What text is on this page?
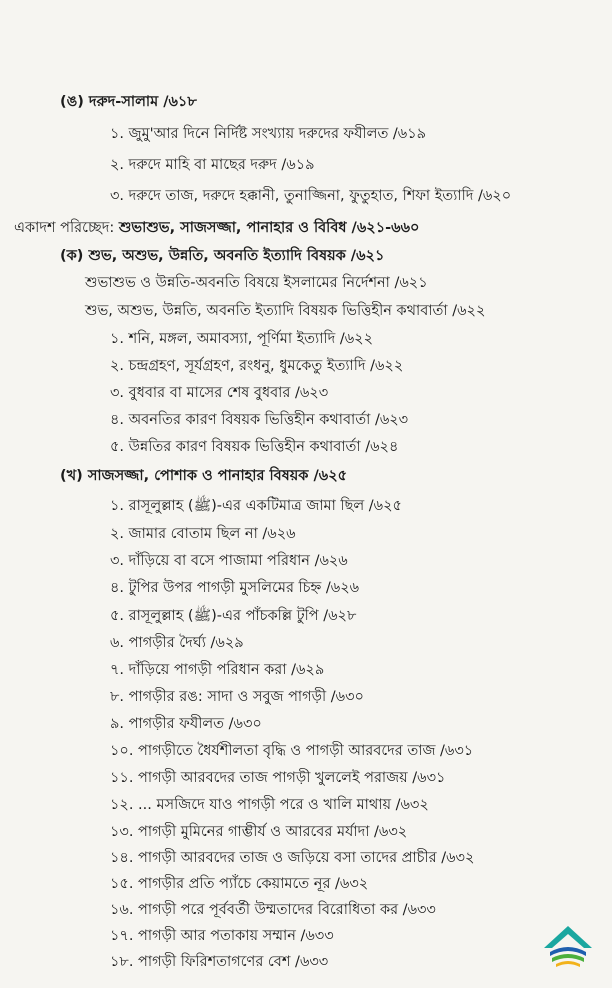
(ঙ) দরুদ-সালাম /৬১৮
১. জুমু'আর দিনে নির্দিষ্ট সংখ্যায় দরুদের ফযীলত /৬১৯
২. দরুদে মাহি বা মাছের দরুদ /৬১৯
৩. দরুদে তাজ, দরুদে হক্কানী, তুনাজ্জিনা, ফুতুহাত, শিফা ইত্যাদি /৬২০
একাদশ পরিচ্ছেদ: শুভাশুভ, সাজসজ্জা, পানাহার ও বিবিধ /৬২১-৬৬০
(ক) শুভ, অশুভ, উন্নতি, অবনতি ইত্যাদি বিষয়ক /৬২১
শুভাশুভ ও উন্নতি-অবনতি বিষয়ে ইসলামের নির্দেশনা /৬২১
শুভ, অশুভ, উন্নতি, অবনতি ইত্যাদি বিষয়ক ভিত্তিহীন কথাবার্তা /৬২২
১. শনি, মঙ্গল, অমাবস্যা, পূর্ণিমা ইত্যাদি /৬২২
২. চন্দ্রগ্রহণ, সূর্যগ্রহণ, রংধনু, ধুমকেতু ইত্যাদি /৬২২
৩. বুধবার বা মাসের শেষ বুধবার /৬২৩
৪. অবনতির কারণ বিষয়ক ভিত্তিহীন কথাবার্তা /৬২৩
৫. উন্নতির কারণ বিষয়ক ভিত্তিহীন কথাবার্তা /৬২৪
(খ) সাজসজ্জা, পোশাক ও পানাহার বিষয়ক /৬২৫
১. রাসূলুল্লাহ (ﷺ)-এর একটিমাত্র জামা ছিল /৬২৫
২. জামার বোতাম ছিল না /৬২৬
৩. দাঁড়িয়ে বা বসে পাজামা পরিধান /৬২৬
৪. টুপির উপর পাগড়ী মুসলিমের চিহ্ন /৬২৬
৫. রাসূলুল্লাহ (ﷺ)-এর পাঁচকল্লি টুপি /৬২৮
৬. পাগড়ীর দৈর্ঘ্য /৬২৯
৭. দাঁড়িয়ে পাগড়ী পরিধান করা /৬২৯
৮. পাগড়ীর রঙ: সাদা ও সবুজ পাগড়ী /৬৩০
৯. পাগড়ীর ফযীলত /৬৩০
১০. পাগড়ীতে ধৈর্যশীলতা বৃদ্ধি ও পাগড়ী আরবদের তাজ /৬৩১
১১. পাগড়ী আরবদের তাজ পাগড়ী খুললেই পরাজয় /৬৩১
১২. ... মসজিদে যাও পাগড়ী পরে ও খালি মাথায় /৬৩২
১৩. পাগড়ী মুমিনের গাম্ভীর্য ও আরবের মর্যাদা /৬৩২
১৪. পাগড়ী আরবদের তাজ ও জড়িয়ে বসা তাদের প্রাচীর /৬৩২
১৫. পাগড়ীর প্রতি প্যাঁচে কেয়ামতে নূর /৬৩২
১৬. পাগড়ী পরে পূর্ববর্তী উম্মতাদের বিরোধিতা কর /৬৩৩
১৭. পাগড়ী আর পতাকায় সম্মান /৬৩৩
১৮. পাগড়ী ফিরিশতাগণের বেশ /৬৩৩
